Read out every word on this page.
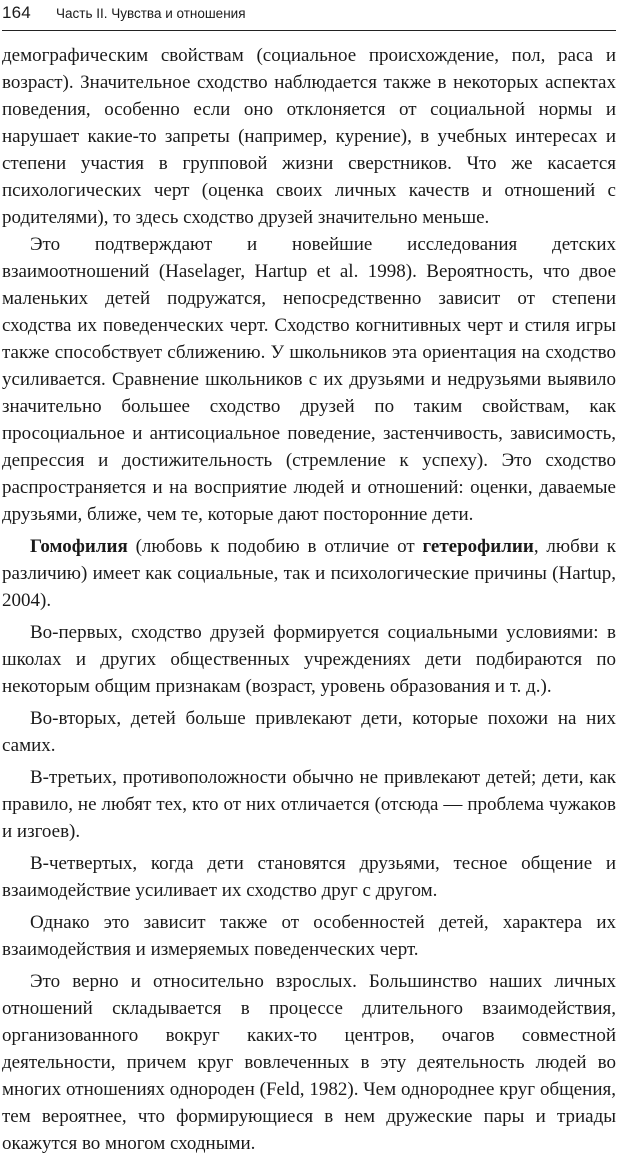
164 Часть II. Чувства и отношения

демографическим свойствам (социальное происхождение, пол, раса и возраст). Значительное сходство наблюдается также в некоторых аспектах поведения, особенно если оно отклоняется от социальной нормы и нарушает какие-то запреты (например, курение), в учебных интересах и степени участия в групповой жизни сверстников. Что же касается психологических черт (оценка своих личных качеств и отношений с родителями), то здесь сходство друзей значительно меньше.

Это подтверждают и новейшие исследования детских взаимоотношений (Haselager, Hartup et al. 1998). Вероятность, что двое маленьких детей подружатся, непосредственно зависит от степени сходства их поведенческих черт. Сходство когнитивных черт и стиля игры также способствует сближению. У школьников эта ориентация на сходство усиливается. Сравнение школьников с их друзьями и недрузьями выявило значительно большее сходство друзей по таким свойствам, как просоциальное и антисоциальное поведение, застенчивость, зависимость, депрессия и достижительность (стремление к успеху). Это сходство распространяется и на восприятие людей и отношений: оценки, даваемые друзьями, ближе, чем те, которые дают посторонние дети.

Гомофилия (любовь к подобию в отличие от гетерофилии, любви к различию) имеет как социальные, так и психологические причины (Hartup, 2004).

Во-первых, сходство друзей формируется социальными условиями: в школах и других общественных учреждениях дети подбираются по некоторым общим признакам (возраст, уровень образования и т. д.).

Во-вторых, детей больше привлекают дети, которые похожи на них самих.

В-третьих, противоположности обычно не привлекают детей; дети, как правило, не любят тех, кто от них отличается (отсюда — проблема чужаков и изгоев).

В-четвертых, когда дети становятся друзьями, тесное общение и взаимодействие усиливает их сходство друг с другом.

Однако это зависит также от особенностей детей, характера их взаимодействия и измеряемых поведенческих черт.

Это верно и относительно взрослых. Большинство наших личных отношений складывается в процессе длительного взаимодействия, организованного вокруг каких-то центров, очагов совместной деятельности, причем круг вовлеченных в эту деятельность людей во многих отношениях однороден (Feld, 1982). Чем однороднее круг общения, тем вероятнее, что формирующиеся в нем дружеские пары и триады окажутся во многом сходными.
